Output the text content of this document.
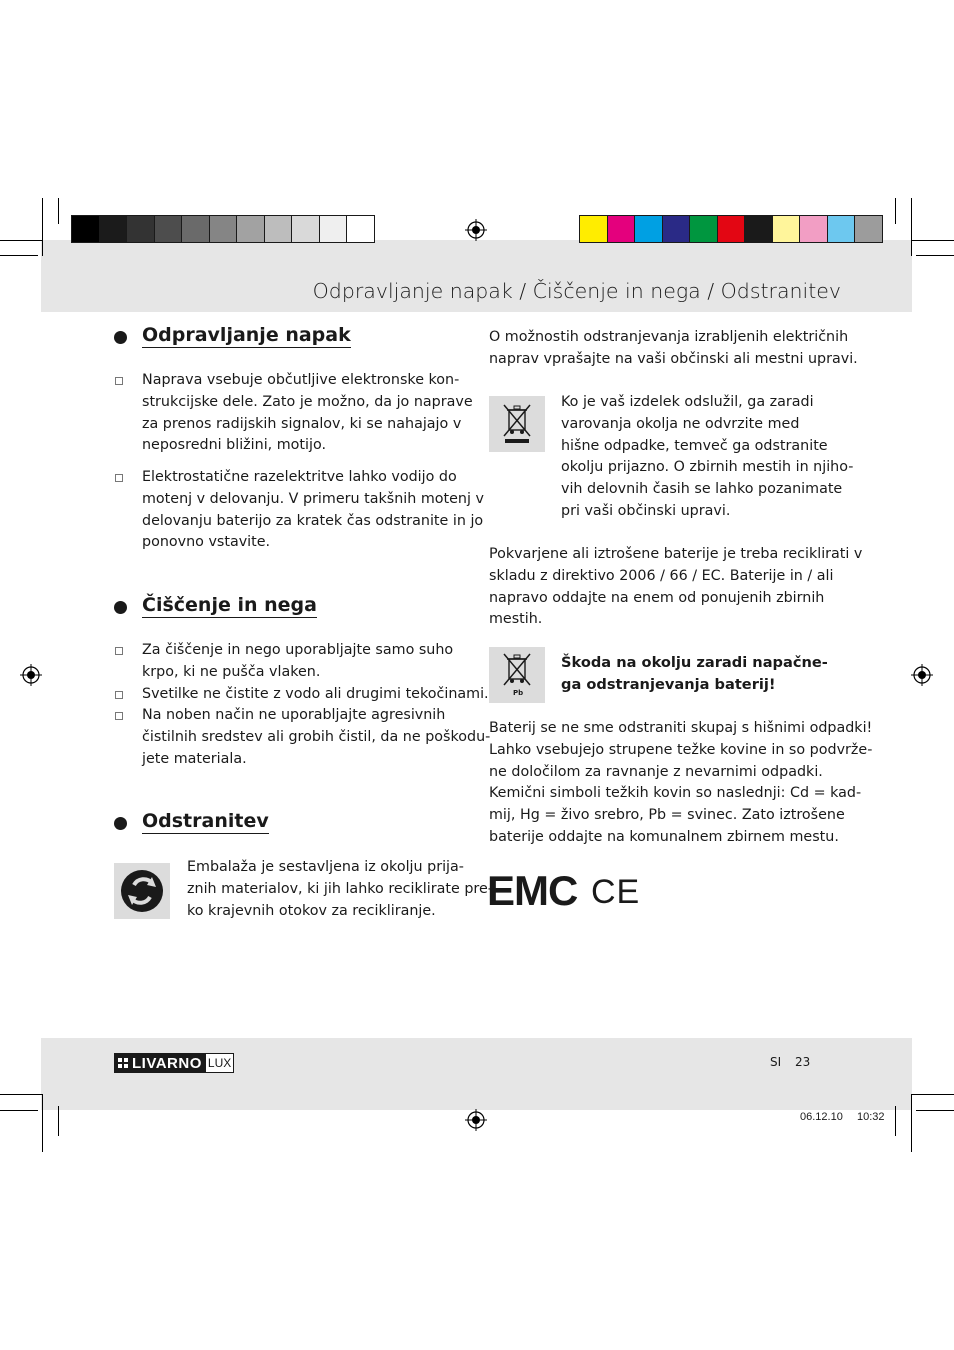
Odpravljanje napak / Čiščenje in nega / Odstranitev
Odpravljanje napak
Naprava vsebuje občutljive elektronske kon-
strukcijske dele. Zato je možno, da jo naprave
za prenos radijskih signalov, ki se nahajajo v
neposredni bližini, motijo.
Elektrostatične razelektritve lahko vodijo do
motenj v delovanju. V primeru takšnih motenj v
delovanju baterijo za kratek čas odstranite in jo
ponovno vstavite.
Čiščenje in nega
Za čiščenje in nego uporabljajte samo suho
krpo, ki ne pušča vlaken.
Svetilke ne čistite z vodo ali drugimi tekočinami.
Na noben način ne uporabljajte agresivnih
čistilnih sredstev ali grobih čistil, da ne poškodu-
jete materiala.
Odstranitev
Embalaža je sestavljena iz okolju prija-
znih materialov, ki jih lahko reciklirate pre-
ko krajevnih otokov za recikliranje.
O možnostih odstranjevanja izrabljenih električnih
naprav vprašajte na vaši občinski ali mestni upravi.
Ko je vaš izdelek odslužil, ga zaradi
varovanja okolja ne odvrzite med
hišne odpadke, temveč ga odstranite
okolju prijazno. O zbirnih mestih in njiho-
vih delovnih časih se lahko pozanimate
pri vaši občinski upravi.
Pokvarjene ali iztrošene baterije je treba reciklirati v
skladu z direktivo 2006 / 66 / EC. Baterije in / ali
napravo oddajte na enem od ponujenih zbirnih
mestih.
Pb
Škoda na okolju zaradi napačne-
ga odstranjevanja baterij!
Baterij se ne sme odstraniti skupaj s hišnimi odpadki!
Lahko vsebujejo strupene težke kovine in so podvrže-
ne določilom za ravnanje z nevarnimi odpadki.
Kemični simboli težkih kovin so naslednji: Cd = kad-
mij, Hg = živo srebro, Pb = svinec. Zato iztrošene
baterije oddajte na komunalnem zbirnem mestu.
EMC CE
LIVARNO LUX	SI 23
06.12.10 10:32
